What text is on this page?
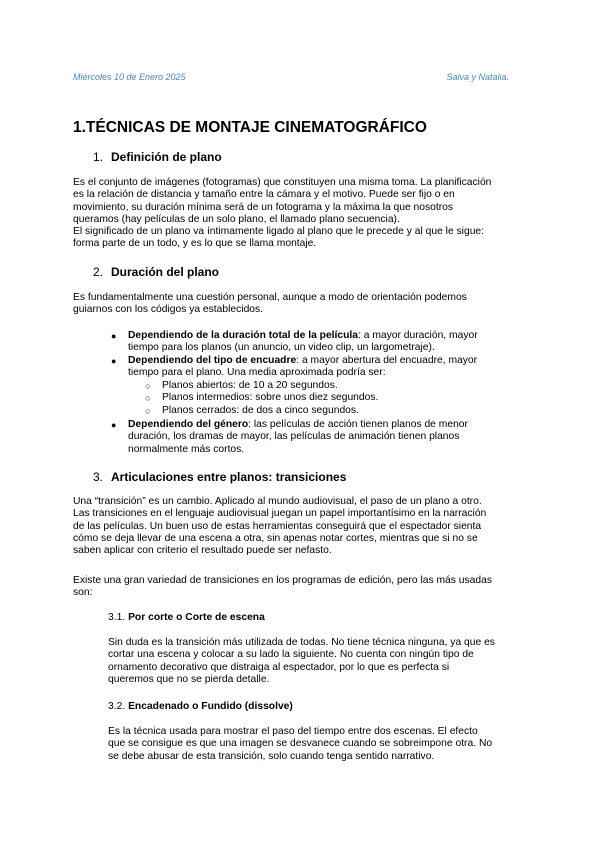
Miércoles 10 de Enero 2025	Salva y Natalia.
1.TÉCNICAS DE MONTAJE CINEMATOGRÁFICO
1. Definición de plano
Es el conjunto de imágenes (fotogramas) que constituyen una misma toma. La planificación
es la relación de distancia y tamaño entre la cámara y el motivo. Puede ser fijo o en
movimiento, su duración mínima será de un fotograma y la máxima la que nosotros
queramos (hay películas de un solo plano, el llamado plano secuencia).
El significado de un plano va íntimamente ligado al plano que le precede y al que le sigue:
forma parte de un todo, y es lo que se llama montaje.
2. Duración del plano
Es fundamentalmente una cuestión personal, aunque a modo de orientación podemos
guiarnos con los códigos ya establecidos.
● Dependiendo de la duración total de la película: a mayor duración, mayor
tiempo para los planos (un anuncio, un video clip, un largometraje).
● Dependiendo del tipo de encuadre: a mayor abertura del encuadre, mayor
tiempo para el plano. Una media aproximada podría ser:
○ Planos abiertos: de 10 a 20 segundos.
○ Planos intermedios: sobre unos diez segundos.
○ Planos cerrados: de dos a cinco segundos.
● Dependiendo del género: las películas de acción tienen planos de menor
duración, los dramas de mayor, las películas de animación tienen planos
normalmente más cortos.
3. Articulaciones entre planos: transiciones
Una “transición” es un cambio. Aplicado al mundo audiovisual, el paso de un plano a otro.
Las transiciones en el lenguaje audiovisual juegan un papel importantísimo en la narración
de las películas. Un buen uso de estas herramientas conseguirá que el espectador sienta
cómo se deja llevar de una escena a otra, sin apenas notar cortes, mientras que si no se
saben aplicar con criterio el resultado puede ser nefasto.
Existe una gran variedad de transiciones en los programas de edición, pero las más usadas
son:
3.1. Por corte o Corte de escena
Sin duda es la transición más utilizada de todas. No tiene técnica ninguna, ya que es
cortar una escena y colocar a su lado la siguiente. No cuenta con ningún tipo de
ornamento decorativo que distraiga al espectador, por lo que es perfecta si
queremos que no se pierda detalle.
3.2. Encadenado o Fundido (dissolve)
Es la técnica usada para mostrar el paso del tiempo entre dos escenas. El efecto
que se consigue es que una imagen se desvanece cuando se sobreimpone otra. No
se debe abusar de esta transición, solo cuando tenga sentido narrativo.
